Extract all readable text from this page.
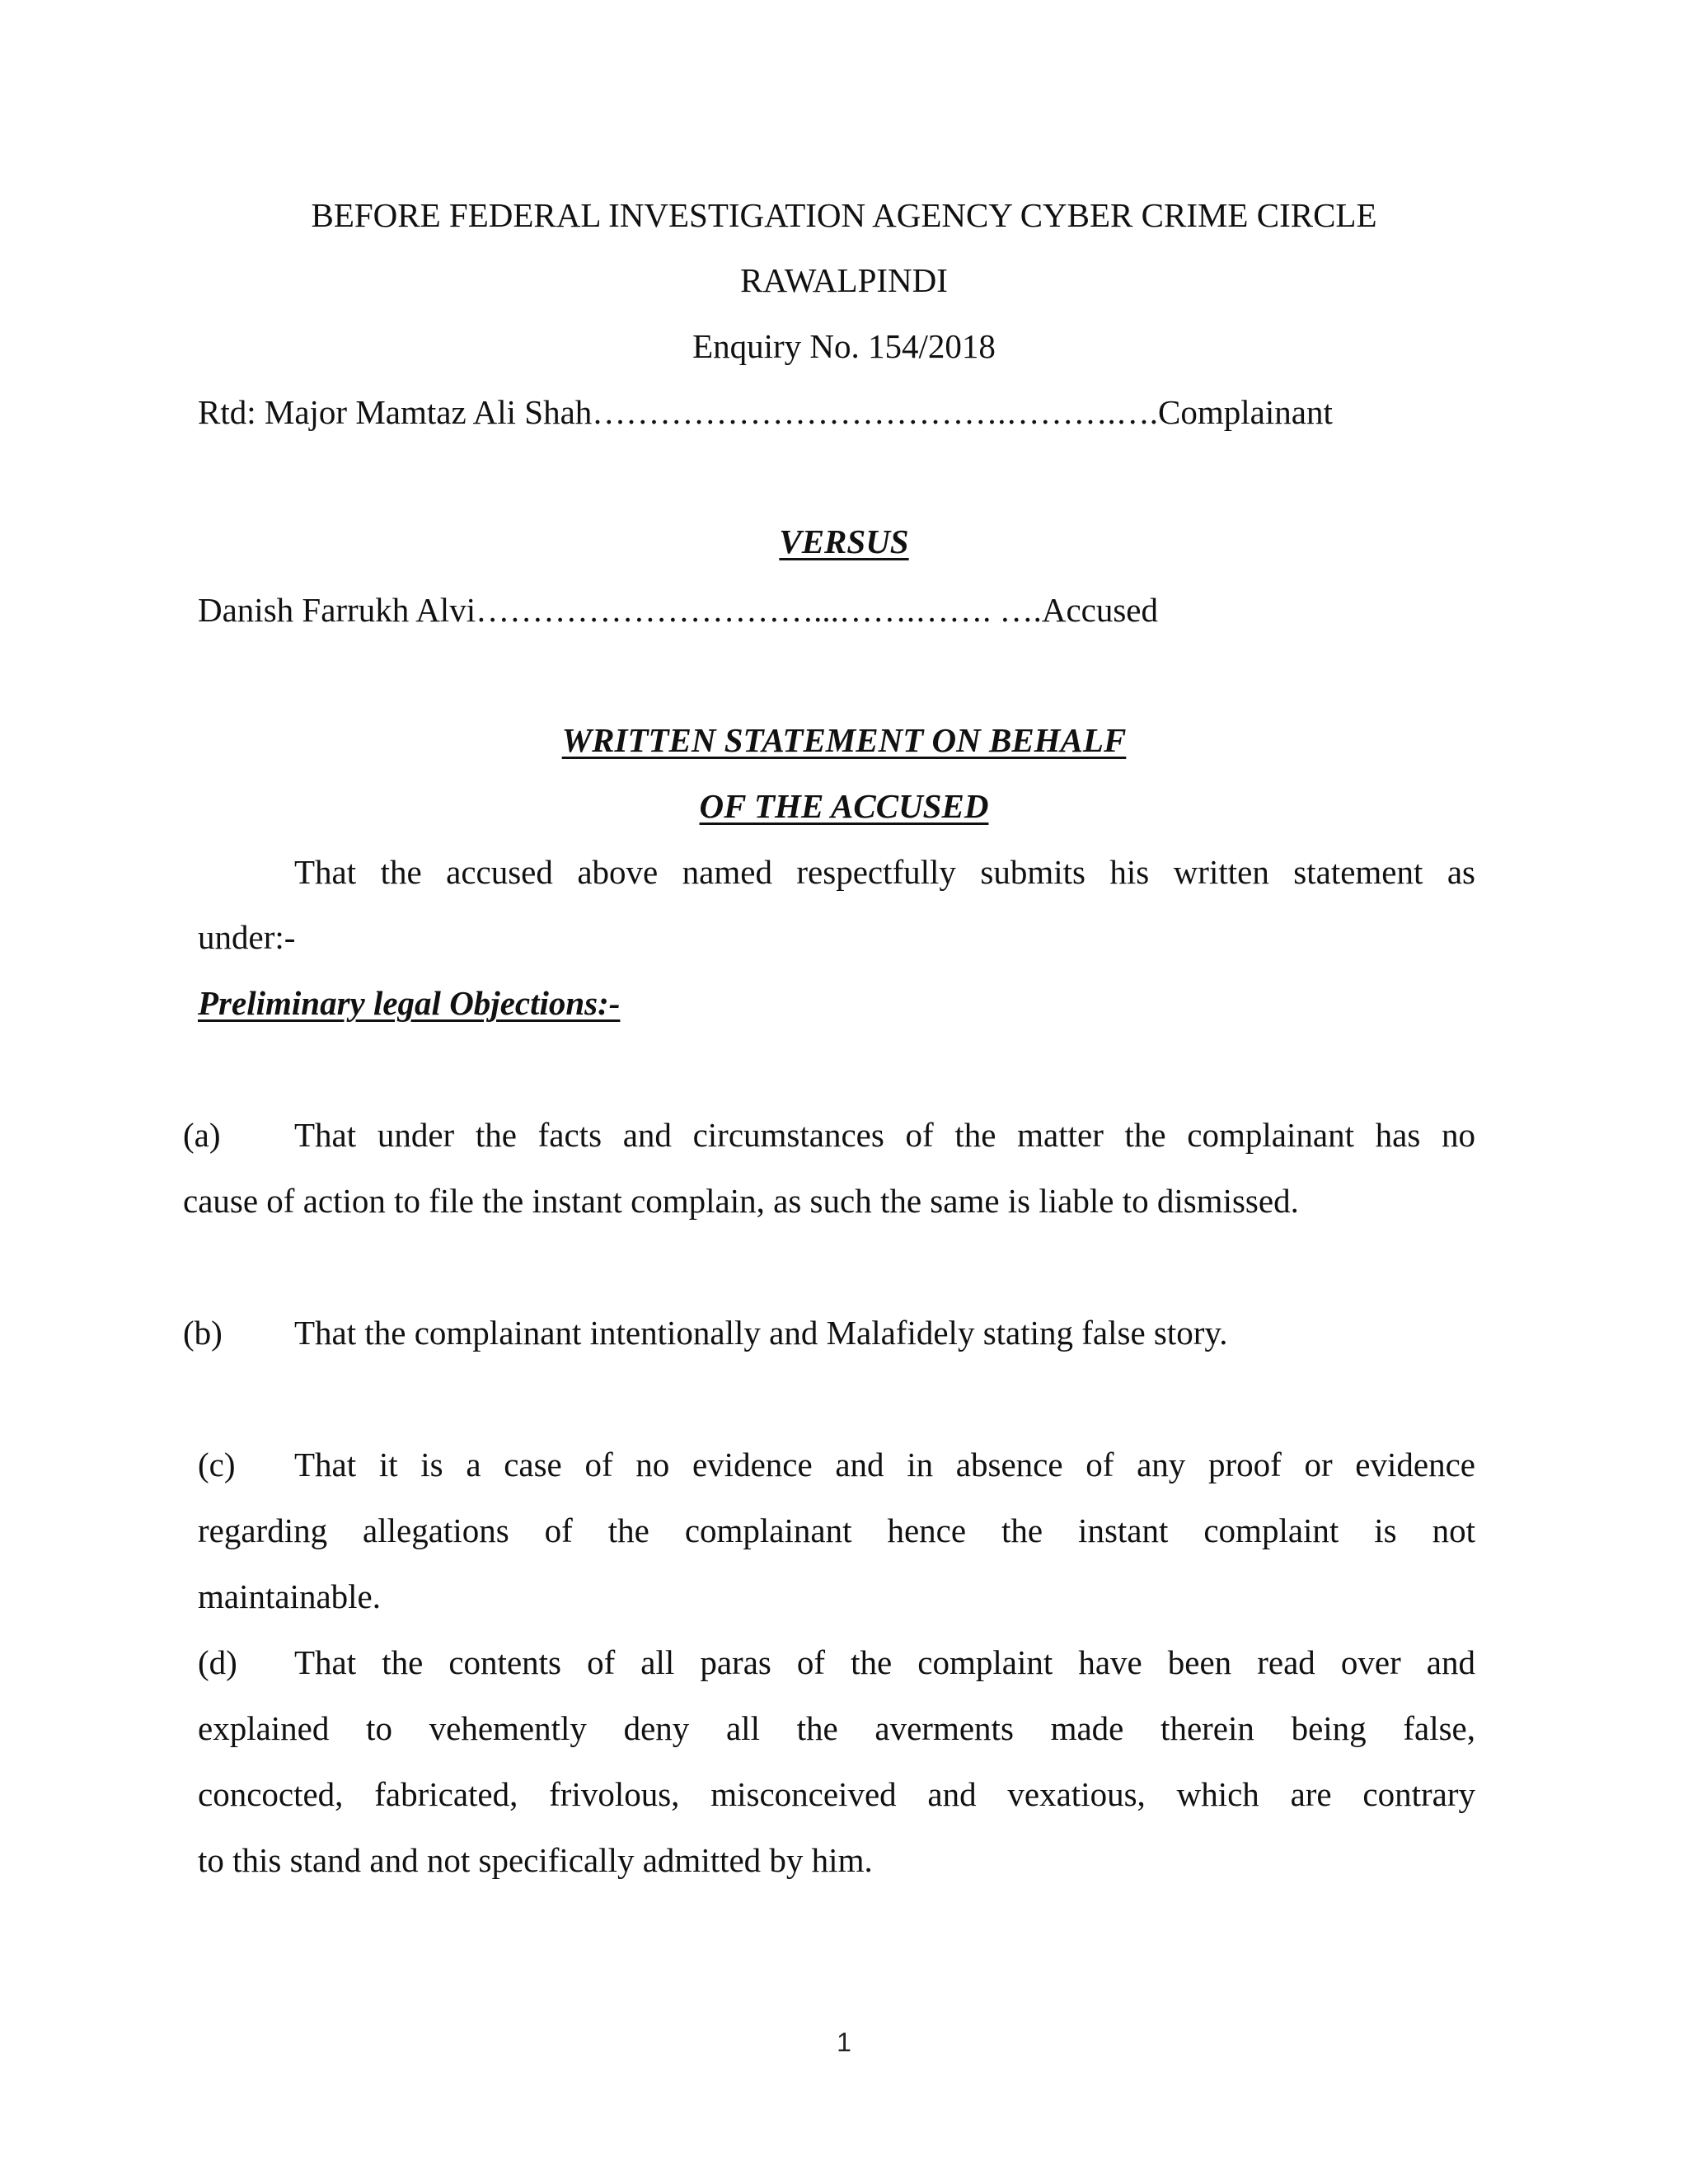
BEFORE FEDERAL INVESTIGATION AGENCY CYBER CRIME CIRCLE
RAWALPINDI
Enquiry No. 154/2018
Rtd: Major Mamtaz Ali Shah……………………………….……….….Complainant
VERSUS
Danish Farrukh Alvi…………………………...…….……. ….Accused
WRITTEN STATEMENT ON BEHALF
OF THE ACCUSED
That the accused above named respectfully submits his written statement as
under:-
Preliminary legal Objections:-
(a) That under the facts and circumstances of the matter the complainant has no
cause of action to file the instant complain, as such the same is liable to dismissed.
(b) That the complainant intentionally and Malafidely stating false story.
(c) That it is a case of no evidence and in absence of any proof or evidence
regarding allegations of the complainant hence the instant complaint is not
maintainable.
(d) That the contents of all paras of the complaint have been read over and
explained to vehemently deny all the averments made therein being false,
concocted, fabricated, frivolous, misconceived and vexatious, which are contrary
to this stand and not specifically admitted by him.
1
